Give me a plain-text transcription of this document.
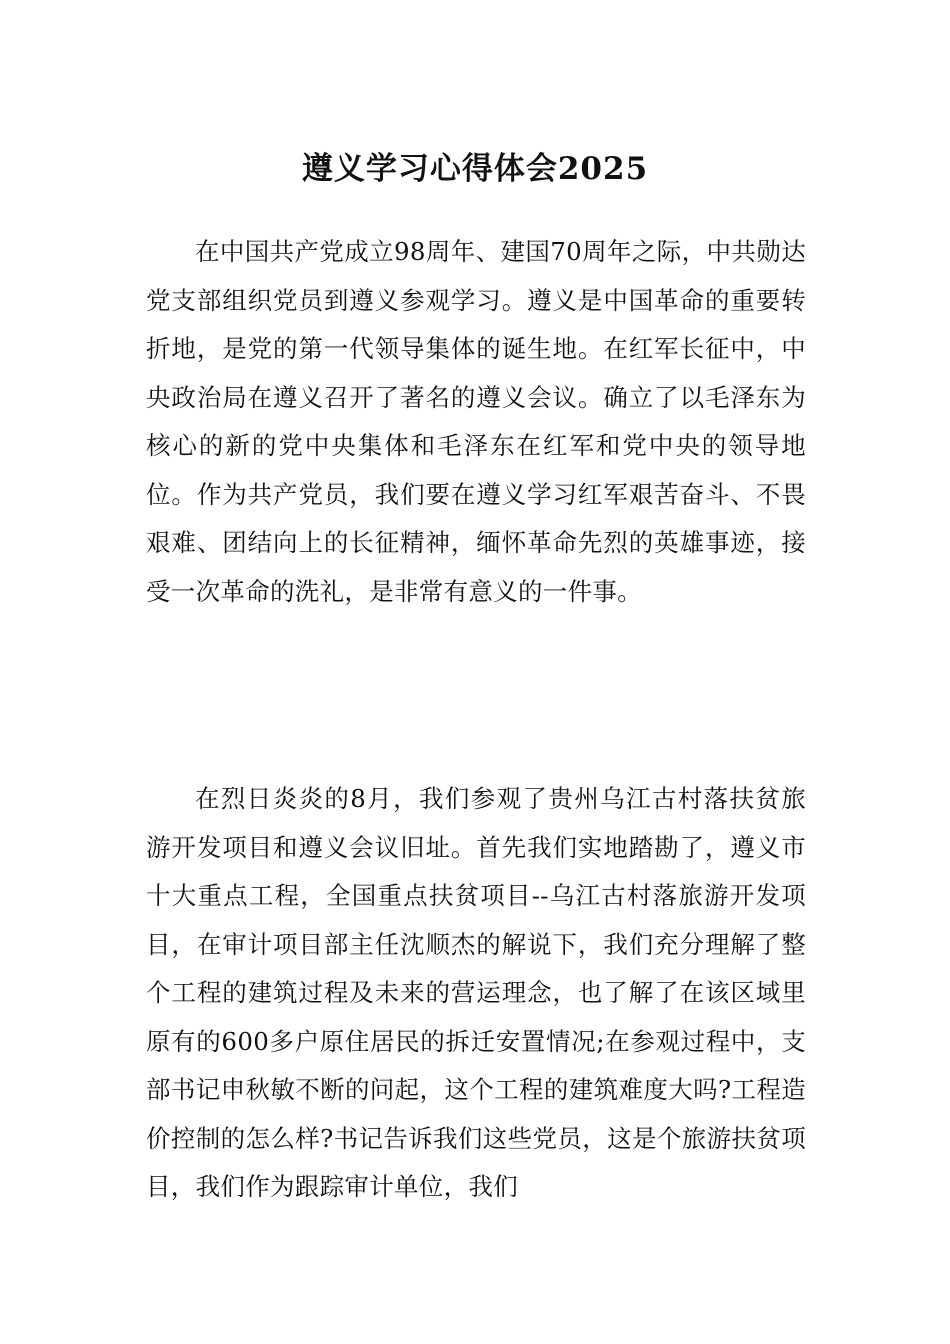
遵义学习心得体会2025

在中国共产党成立98周年、建国70周年之际，中共勋达党支部组织党员到遵义参观学习。遵义是中国革命的重要转折地，是党的第一代领导集体的诞生地。在红军长征中，中央政治局在遵义召开了著名的遵义会议。确立了以毛泽东为核心的新的党中央集体和毛泽东在红军和党中央的领导地位。作为共产党员，我们要在遵义学习红军艰苦奋斗、不畏艰难、团结向上的长征精神，缅怀革命先烈的英雄事迹，接受一次革命的洗礼，是非常有意义的一件事。

在烈日炎炎的8月，我们参观了贵州乌江古村落扶贫旅游开发项目和遵义会议旧址。首先我们实地踏勘了，遵义市十大重点工程，全国重点扶贫项目--乌江古村落旅游开发项目，在审计项目部主任沈顺杰的解说下，我们充分理解了整个工程的建筑过程及未来的营运理念，也了解了在该区域里原有的600多户原住居民的拆迁安置情况;在参观过程中，支部书记申秋敏不断的问起，这个工程的建筑难度大吗?工程造价控制的怎么样?书记告诉我们这些党员，这是个旅游扶贫项目，我们作为跟踪审计单位，我们
